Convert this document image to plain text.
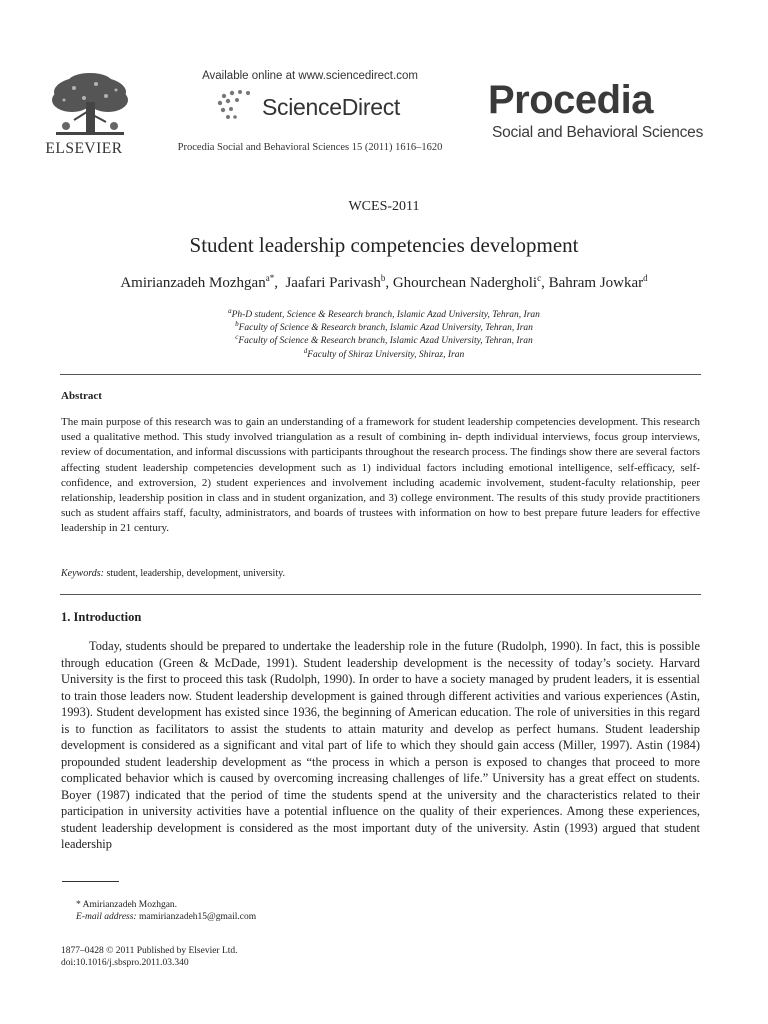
ELSEVIER
Available online at www.sciencedirect.com
ScienceDirect
Procedia Social and Behavioral Sciences 15 (2011) 1616–1620
Procedia
Social and Behavioral Sciences
WCES-2011
Student leadership competencies development
Amirianzadeh Mozhgan$^{a*}$,  Jaafari Parivash$^b$, Ghourchean Nadergholi$^c$, Bahram Jowkar$^d$
$^a$Ph-D student, Science & Research branch, Islamic Azad University, Tehran, Iran
$^b$Faculty of Science & Research branch, Islamic Azad University, Tehran, Iran
$^c$Faculty of Science & Research branch, Islamic Azad University, Tehran, Iran
$^d$Faculty of Shiraz University, Shiraz, Iran
Abstract
The main purpose of this research was to gain an understanding of a framework for student leadership competencies development. This research used a qualitative method. This study involved triangulation as a result of combining in- depth individual interviews, focus group interviews, review of documentation, and informal discussions with participants throughout the research process. The findings show there are several factors affecting student leadership competencies development such as 1) individual factors including emotional intelligence, self-efficacy, self-confidence, and extroversion, 2) student experiences and involvement including academic involvement, student-faculty relationship, peer relationship, leadership position in class and in student organization, and 3) college environment. The results of this study provide practitioners such as student affairs staff, faculty, administrators, and boards of trustees with information on how to best prepare future leaders for effective leadership in 21 century.
Keywords: student, leadership, development, university.
1. Introduction
Today, students should be prepared to undertake the leadership role in the future (Rudolph, 1990). In fact, this is possible through education (Green & McDade, 1991). Student leadership development is the necessity of today’s society. Harvard University is the first to proceed this task (Rudolph, 1990). In order to have a society managed by prudent leaders, it is essential to train those leaders now. Student leadership development is gained through different activities and various experiences (Astin, 1993). Student development has existed since 1936, the beginning of American education. The role of universities in this regard is to function as facilitators to assist the students to attain maturity and develop as perfect humans. Student leadership development is considered as a significant and vital part of life to which they should gain access (Miller, 1997). Astin (1984) propounded student leadership development as “the process in which a person is exposed to changes that proceed to more complicated behavior which is caused by overcoming increasing challenges of life.” University has a great effect on students. Boyer (1987) indicated that the period of time the students spend at the university and the characteristics related to their participation in university activities have a potential influence on the quality of their experiences. Among these experiences, student leadership development is considered as the most important duty of the university. Astin (1993) argued that student leadership
* Amirianzadeh Mozhgan.
E-mail address: mamirianzadeh15@gmail.com
1877–0428 © 2011 Published by Elsevier Ltd.
doi:10.1016/j.sbspro.2011.03.340
